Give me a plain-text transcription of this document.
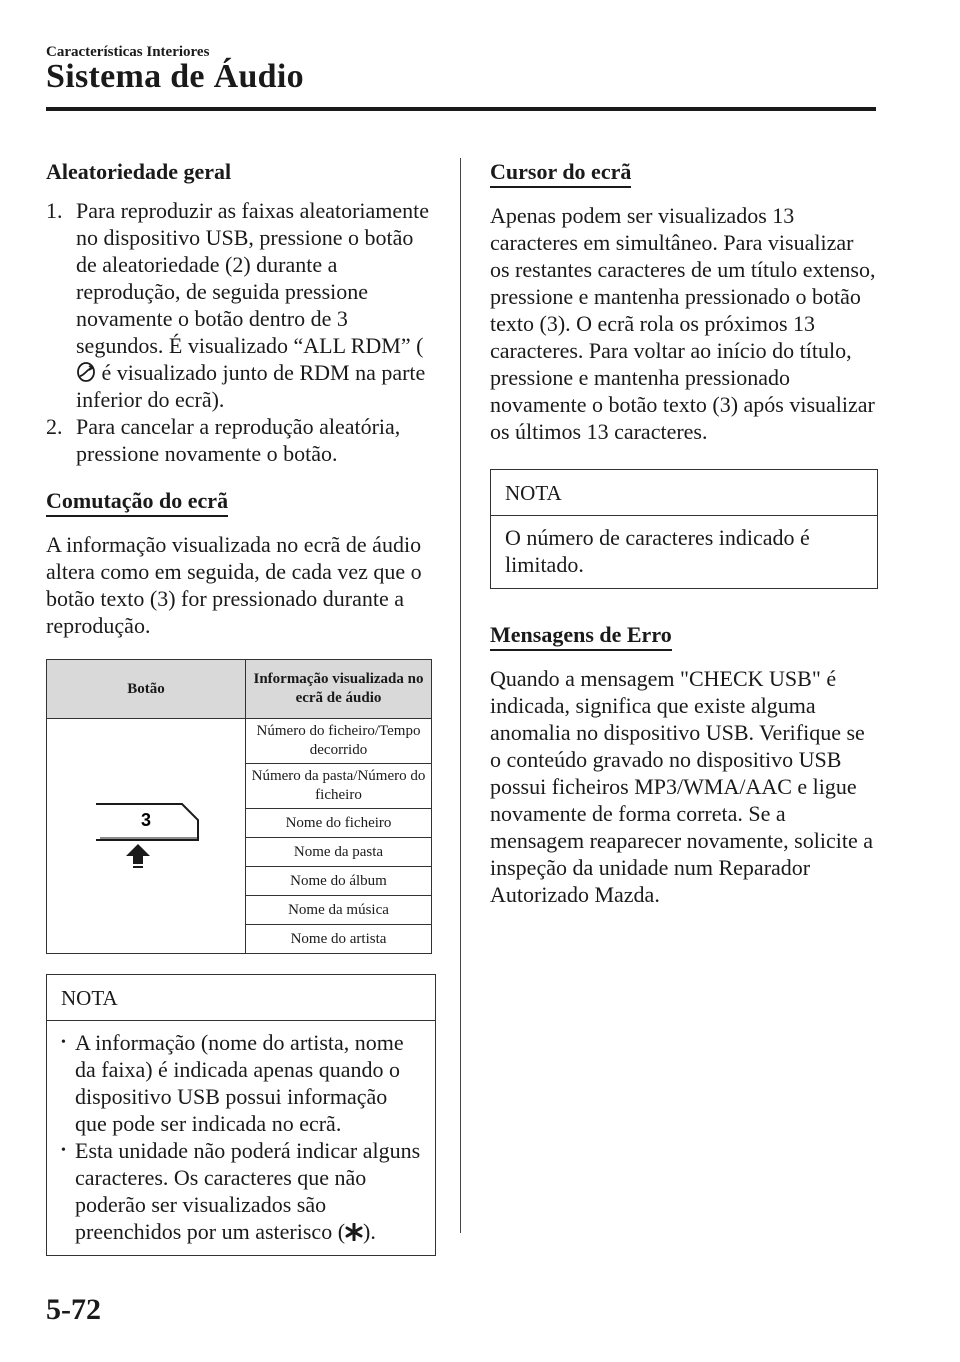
Características Interiores
Sistema de Áudio
Aleatoriedade geral
1. Para reproduzir as faixas aleatoriamente no dispositivo USB, pressione o botão de aleatoriedade (2) durante a reprodução, de seguida pressione novamente o botão dentro de 3 segundos. É visualizado “ALL RDM” ( é visualizado junto de RDM na parte inferior do ecrã).
2. Para cancelar a reprodução aleatória, pressione novamente o botão.
Comutação do ecrã

A informação visualizada no ecrã de áudio altera como em seguida, de cada vez que o botão texto (3) for pressionado durante a reprodução.

Botão	Informação visualizada no ecrã de áudio

3	Número do ficheiro/Tempo decorrido
	Número da pasta/Número do ficheiro
	Nome do ficheiro
	Nome da pasta
	Nome do álbum
	Nome da música
	Nome do artista
NOTA
• A informação (nome do artista, nome da faixa) é indicada apenas quando o dispositivo USB possui informação que pode ser indicada no ecrã.
• Esta unidade não poderá indicar alguns caracteres. Os caracteres que não poderão ser visualizados são preenchidos por um asterisco ( ).
Cursor do ecrã

Apenas podem ser visualizados 13 caracteres em simultâneo. Para visualizar os restantes caracteres de um título extenso, pressione e mantenha pressionado o botão texto (3). O ecrã rola os próximos 13 caracteres. Para voltar ao início do título, pressione e mantenha pressionado novamente o botão texto (3) após visualizar os últimos 13 caracteres.

NOTA
O número de caracteres indicado é limitado.
Mensagens de Erro

Quando a mensagem "CHECK USB" é indicada, significa que existe alguma anomalia no dispositivo USB. Verifique se o conteúdo gravado no dispositivo USB possui ficheiros MP3/WMA/AAC e ligue novamente de forma correta. Se a mensagem reaparecer novamente, solicite a inspeção da unidade num Reparador Autorizado Mazda.

5-72
